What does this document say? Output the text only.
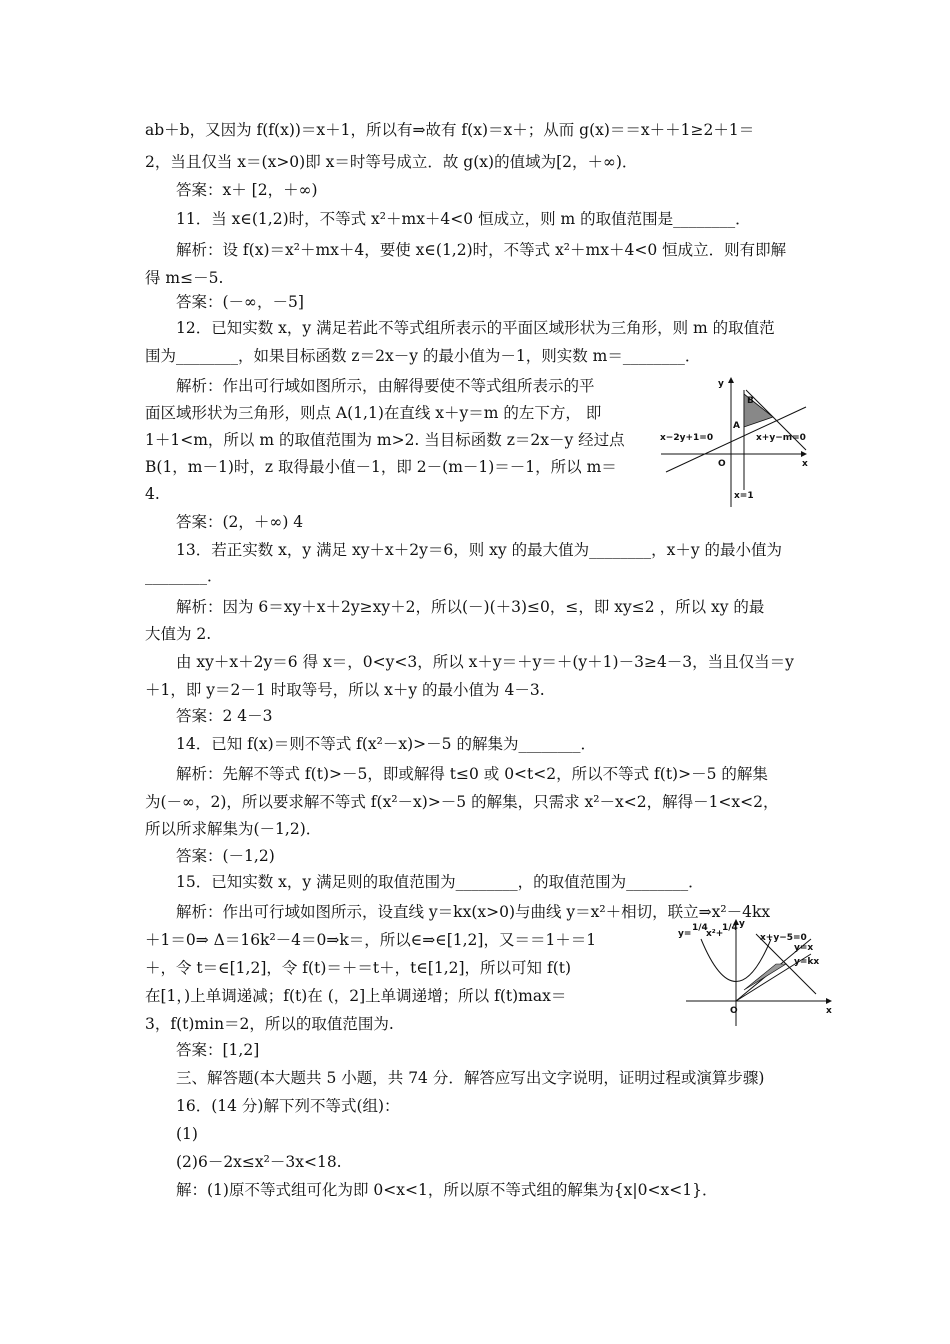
ab＋b，又因为 f(f(x))＝x＋1，所以有⇒故有 f(x)＝x＋；从而 g(x)＝＝x＋＋1≥2＋1＝
2，当且仅当 x＝(x>0)即 x＝时等号成立．故 g(x)的值域为[2，＋∞)．
答案：x＋ [2，＋∞)
11．当 x∈(1,2)时，不等式 x²＋mx＋4<0 恒成立，则 m 的取值范围是________．
解析：设 f(x)＝x²＋mx＋4，要使 x∈(1,2)时，不等式 x²＋mx＋4<0 恒成立．则有即解
得 m≤－5.
答案：(－∞，－5]
12．已知实数 x，y 满足若此不等式组所表示的平面区域形状为三角形，则 m 的取值范
围为________，如果目标函数 z＝2x－y 的最小值为－1，则实数 m＝________．
解析：作出可行域如图所示，由解得要使不等式组所表示的平
面区域形状为三角形，则点 A(1,1)在直线 x＋y＝m 的左下方， 即
1＋1<m，所以 m 的取值范围为 m>2. 当目标函数 z＝2x－y 经过点
B(1，m－1)时，z 取得最小值－1，即 2－(m－1)＝－1，所以 m＝
4.
答案：(2，＋∞) 4
13．若正实数 x，y 满足 xy＋x＋2y＝6，则 xy 的最大值为________，x＋y 的最小值为
________．
解析：因为 6＝xy＋x＋2y≥xy＋2，所以(－)(＋3)≤0，≤，即 xy≤2 ，所以 xy 的最
大值为 2.
由 xy＋x＋2y＝6 得 x＝，0<y<3，所以 x＋y＝＋y＝＋(y＋1)－3≥4－3，当且仅当＝y
＋1，即 y＝2－1 时取等号，所以 x＋y 的最小值为 4－3.
答案：2 4－3
14．已知 f(x)＝则不等式 f(x²－x)>－5 的解集为________．
解析：先解不等式 f(t)>－5，即或解得 t≤0 或 0<t<2，所以不等式 f(t)>－5 的解集
为(－∞，2)，所以要求解不等式 f(x²－x)>－5 的解集，只需求 x²－x<2，解得－1<x<2，
所以所求解集为(－1,2)．
答案：(－1,2)
15．已知实数 x，y 满足则的取值范围为________，的取值范围为________．
解析：作出可行域如图所示，设直线 y＝kx(x>0)与曲线 y＝x²＋相切，联立⇒x²－4kx
＋1＝0⇒ Δ＝16k²－4＝0⇒k＝，所以∈⇒∈[1,2]，又＝＝1＋＝1
＋，令 t＝∈[1,2]，令 f(t)＝＋＝t＋，t∈[1,2]，所以可知 f(t)
在[1，)上单调递减；f(t)在 (，2]上单调递增；所以 f(t)max＝
3，f(t)min＝2，所以的取值范围为.
答案：[1,2]
三、解答题(本大题共 5 小题，共 74 分．解答应写出文字说明，证明过程或演算步骤)
16．(14 分)解下列不等式(组)：
(1)
(2)6－2x≤x²－3x<18.
解：(1)原不等式组可化为即 0<x<1，所以原不等式组的解集为{x|0<x<1}．
y
B
A
x−2y+1=0	x+y−m=0
O	x
x=1
y=
1/4
x²+
1/4 y
x+y−5=0
y=x
y=kx
O	x
